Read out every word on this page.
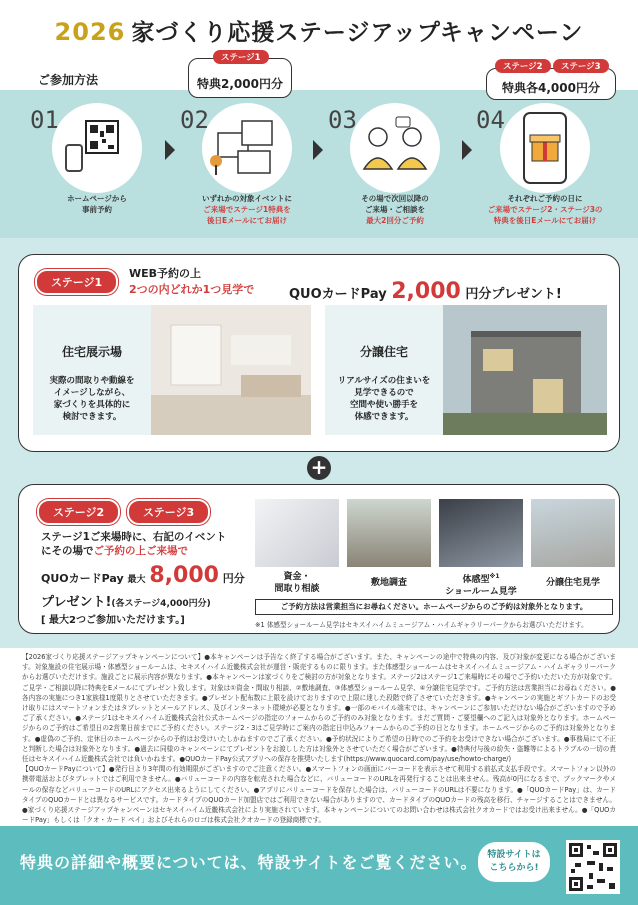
2026 家づくり応援ステージアップキャンペーン
ご参加方法
ステージ1
特典2,000円分
ステージ2	ステージ3
特典各4,000円分
01
ホームページから
事前予約
02
いずれかの対象イベントに
ご来場でステージ1特典を
後日Eメールにてお届け
03
その場で次回以降の
ご来場・ご相談を
最大2回分ご予約
04
それぞれご予約の日に
ご来場でステージ2・ステージ3の
特典を後日Eメールにてお届け
ステージ1
WEB予約の上
2つの内どれか1つ見学で	QUOカードPay 2,000 円分プレゼント!
住宅展示場
実際の間取りや動線を
イメージしながら、
家づくりを具体的に
検討できます。
分譲住宅
リアルサイズの住まいを
見学できるので
空間や使い勝手を
体感できます。
+
ステージ2	ステージ3
ステージ1ご来場時に、右記のイベント
にその場でご予約の上ご来場で
QUOカードPay 最大 8,000 円分
プレゼント!(各ステージ4,000円分)
[ 最大2つご参加いただけます。]
資金・
間取り相談
敷地調査	体感型$^{※1}$
ショールーム見学
分譲住宅見学
ご予約方法は営業担当にお尋ねください。ホームページからのご予約は対象外となります。
※1 体感型ショールーム見学はセキスイハイムミュージアム・ハイムギャラリーパークからお選びいただけます。

【2026家づくり応援ステージアップキャンペーンについて】●本キャンペーンは予告なく終了する場合がございます。また、キャンペーンの途中で特典の内容、及び対象が変更になる場合がございます。対象施設の住宅展示場・体感型ショールームは、セキスイハイム近畿株式会社が運営・販売するものに限ります。また体感型ショールームはセキスイハイムミュージアム・ハイムギャラリーパークからお選びいただけます。施設ごとに展示内容が異なります。●本キャンペーンは家づくりをご検討の方が対象となります。ステージ2はステージ1ご来場時にその場でご予約いただいた方が対象です。ご見学・ご相談以降に特典をEメールにてプレゼント致します。対象は①資金・間取り相談、②敷地調査、③体感型ショールーム見学、④分譲住宅見学です。ご予約方法は営業担当にお尋ねください。●各内容の実施につき1家族様1度限りとさせていただきます。●プレゼント配布数に上限を設けておりますので上限に達した段階で終了させていただきます。●キャンペーンの実施とギフトカードのお受け取りにはスマートフォンまたはタブレットとメールアドレス、及びインターネット環境が必要となります。●一部のモバイル端末では、キャンペーンにご参加いただけない場合がございますので予めご了承ください。●ステージ1はセキスイハイム近畿株式会社公式ホームページの指定のフォームからのご予約のみ対象となります。まだご質問・ご要望欄へのご記入は対象外となります。ホームページからのご予約はご希望日の2営業日前までにご予約ください。ステージ2・3はご見学時にご案内の指定日申込みフォームからのご予約の日となります。ホームページからのご予約は対象外となります。●虚偽のご予約、定休日のホームページからの予約はお受けいたしかねますのでご了承ください。●予約状況によりご希望の日時でのご予約をお受けできない場合がございます。●事務局にて不正と判断した場合は対象外となります。●過去に同様のキャンペーンにてプレゼントをお渡しした方は対象外とさせていただく場合がございます。●特典付与後の紛失・盗難等によるトラブルの一切の責任はセキスイハイム近畿株式会社では負いかねます。●QUOカードPay公式アプリへの保存を推奨いたします(https://www.quocard.com/pay/use/howto-charge/)

【QUOカードPayについて】●発行日より3年間の有効期限がございますのでご注意ください。●スマートフォンの画面にバーコードを表示させて利用する前払式支払手段です。スマートフォン以外の携帯電話およびタブレットではご利用できません。●バリューコードの内容を転売された場合などに、バリューコードのURLを再発行することは出来ません。残高が0円になるまで、ブックマークやメールの保存などバリューコードのURLにアクセス出来るようにしてください。●アプリにバリューコードを保存した場合は、バリューコードのURLは不要になります。●「QUOカードPay」は、カードタイプのQUOカードとは異なるサービスです。カードタイプのQUOカード加盟店ではご利用できない場合がありますので、カードタイプのQUOカードの残高を移行、チャージすることはできません。●家づくり応援ステージアップキャンペーンはセキスイハイム近畿株式会社により実施されています。本キャンペーンについてのお問い合わせは株式会社クオカードではお受け出来ません。●「QUOカードPay」もしくは「クオ・カード ペイ」およびそれらのロゴは株式会社クオカードの登録商標です。

特典の詳細や概要については、特設サイトをご覧ください。	特設サイトは
こちらから!
